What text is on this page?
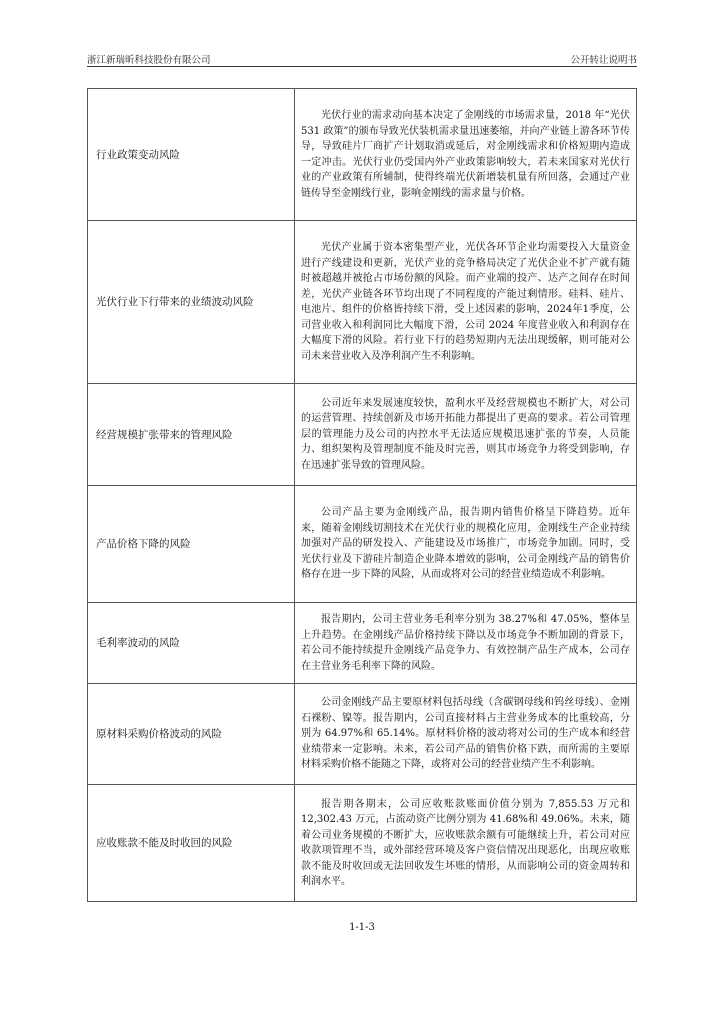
浙江新瑞昕科技股份有限公司	公开转让说明书
行业政策变动风险	光伏行业的需求动向基本决定了金刚线的市场需求量，2018 年“光伏 531 政策”的颁布导致光伏装机需求量迅速萎缩，并向产业链上游各环节传导，导致硅片厂商扩产计划取消或延后，对金刚线需求和价格短期内造成一定冲击。光伏行业仍受国内外产业政策影响较大，若未来国家对光伏行业的产业政策有所辅制，使得终端光伏新增装机量有所回落，会通过产业链传导至金刚线行业，影响金刚线的需求量与价格。
光伏行业下行带来的业绩波动风险	光伏产业属于资本密集型产业，光伏各环节企业均需要投入大量资金进行产线建设和更新，光伏产业的竞争格局决定了光伏企业不扩产就有随时被超越并被抢占市场份额的风险。而产业端的投产、达产之间存在时间差，光伏产业链各环节均出现了不同程度的产能过剩情形。硅料、硅片、电池片、组件的价格皆持续下滑，受上述因素的影响，2024年1季度，公司营业收入和利润同比大幅度下滑，公司 2024 年度营业收入和利润存在大幅度下滑的风险。若行业下行的趋势短期内无法出现缓解，则可能对公司未来营业收入及净利润产生不利影响。
经营规模扩张带来的管理风险	公司近年来发展速度较快，盈利水平及经营规模也不断扩大，对公司的运营管理、持续创新及市场开拓能力都提出了更高的要求。若公司管理层的管理能力及公司的内控水平无法适应规模迅速扩张的节奏，人员能力、组织架构及管理制度不能及时完善，则其市场竞争力将受到影响，存在迅速扩张导致的管理风险。
产品价格下降的风险	公司产品主要为金刚线产品，报告期内销售价格呈下降趋势。近年来，随着金刚线切割技术在光伏行业的规模化应用，金刚线生产企业持续加强对产品的研发投入、产能建设及市场推广，市场竞争加剧。同时，受光伏行业及下游硅片制造企业降本增效的影响，公司金刚线产品的销售价格存在进一步下降的风险，从而或将对公司的经营业绩造成不利影响。
毛利率波动的风险	报告期内，公司主营业务毛利率分别为 38.27%和 47.05%，整体呈上升趋势。在金刚线产品价格持续下降以及市场竞争不断加剧的背景下，若公司不能持续提升金刚线产品竞争力、有效控制产品生产成本，公司存在主营业务毛利率下降的风险。
原材料采购价格波动的风险	公司金刚线产品主要原材料包括母线（含碳钢母线和钨丝母线）、金刚石裸粉、镍等。报告期内，公司直接材料占主营业务成本的比重较高，分别为 64.97%和 65.14%。原材料价格的波动将对公司的生产成本和经营业绩带来一定影响。未来，若公司产品的销售价格下跌，而所需的主要原材料采购价格不能随之下降，或将对公司的经营业绩产生不利影响。
应收账款不能及时收回的风险	报告期各期末，公司应收账款账面价值分别为 7,855.53 万元和 12,302.43 万元，占流动资产比例分别为 41.68%和 49.06%。未来，随着公司业务规模的不断扩大，应收账款余额有可能继续上升，若公司对应收款项管理不当，或外部经营环境及客户资信情况出现恶化，出现应收账款不能及时收回或无法回收发生坏账的情形，从而影响公司的资金周转和利润水平。
1-1-3
